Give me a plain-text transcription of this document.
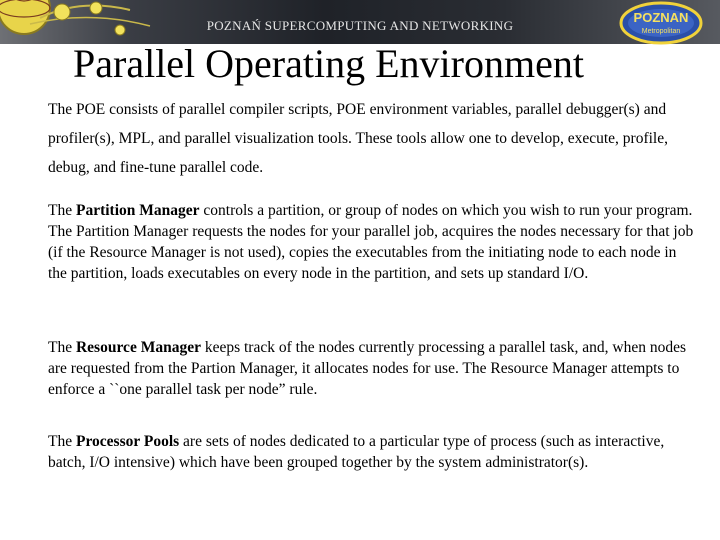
POZNAŃ SUPERCOMPUTING AND NETWORKING
POZNAN
Metropolitan
Parallel Operating Environment
The POE consists of parallel compiler scripts, POE environment variables, parallel debugger(s) and profiler(s), MPL, and parallel visualization tools. These tools allow one to develop, execute, profile, debug, and fine-tune parallel code.
The Partition Manager controls a partition, or group of nodes on which you wish to run your program. The Partition Manager requests the nodes for your parallel job, acquires the nodes necessary for that job (if the Resource Manager is not used), copies the executables from the initiating node to each node in the partition, loads executables on every node in the partition, and sets up standard I/O.
The Resource Manager keeps track of the nodes currently processing a parallel task, and, when nodes are requested from the Partion Manager, it allocates nodes for use. The Resource Manager attempts to enforce a ``one parallel task per node” rule.
The Processor Pools are sets of nodes dedicated to a particular type of process (such as interactive, batch, I/O intensive) which have been grouped together by the system administrator(s).
